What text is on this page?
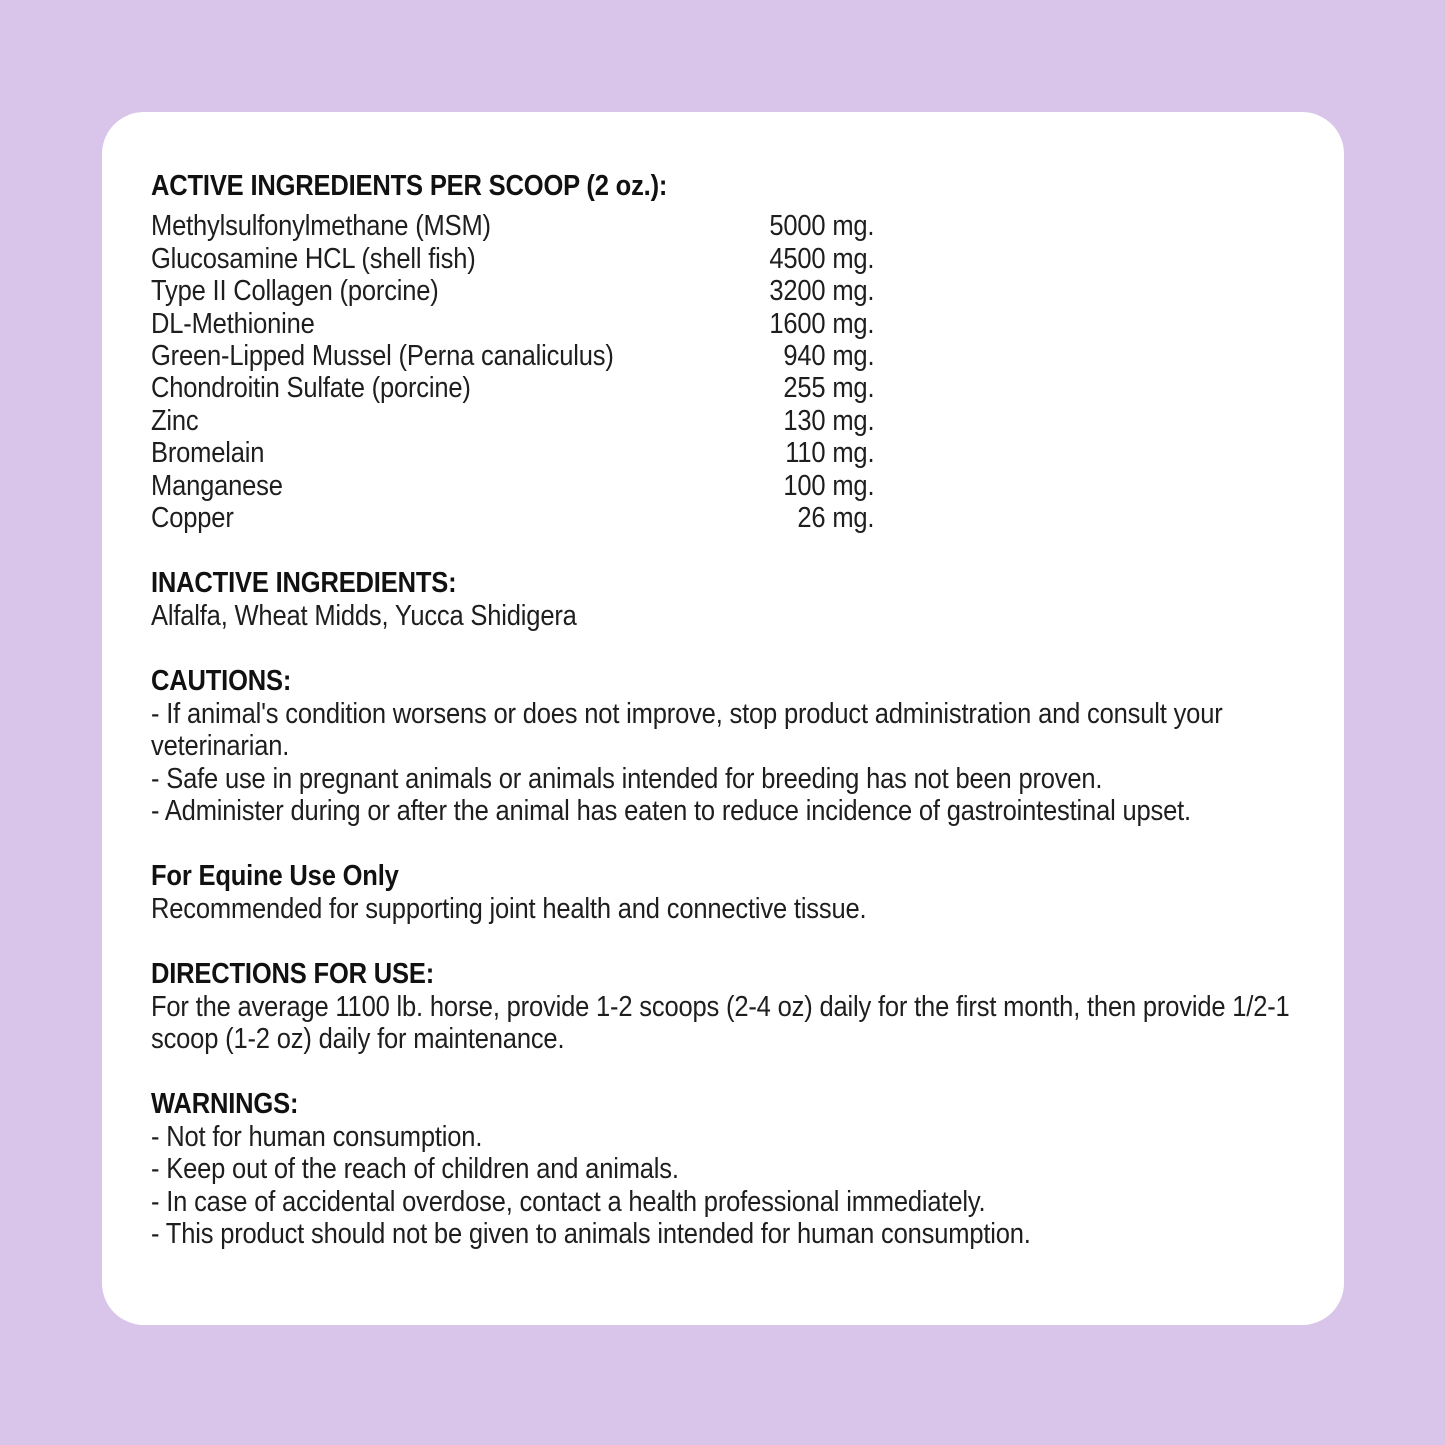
ACTIVE INGREDIENTS PER SCOOP (2 oz.):
Methylsulfonylmethane (MSM)	5000 mg.
Glucosamine HCL (shell fish)	4500 mg.
Type II Collagen (porcine)	3200 mg.
DL-Methionine	1600 mg.
Green-Lipped Mussel (Perna canaliculus)	940 mg.
Chondroitin Sulfate (porcine)	255 mg.
Zinc	130 mg.
Bromelain	110 mg.
Manganese	100 mg.
Copper	26 mg.
INACTIVE INGREDIENTS:
Alfalfa, Wheat Midds, Yucca Shidigera
CAUTIONS:
- If animal's condition worsens or does not improve, stop product administration and consult your veterinarian.
- Safe use in pregnant animals or animals intended for breeding has not been proven.
- Administer during or after the animal has eaten to reduce incidence of gastrointestinal upset.
For Equine Use Only
Recommended for supporting joint health and connective tissue.
DIRECTIONS FOR USE:
For the average 1100 lb. horse, provide 1-2 scoops (2-4 oz) daily for the first month, then provide 1/2-1 scoop (1-2 oz) daily for maintenance.
WARNINGS:
- Not for human consumption.
- Keep out of the reach of children and animals.
- In case of accidental overdose, contact a health professional immediately.
- This product should not be given to animals intended for human consumption.
